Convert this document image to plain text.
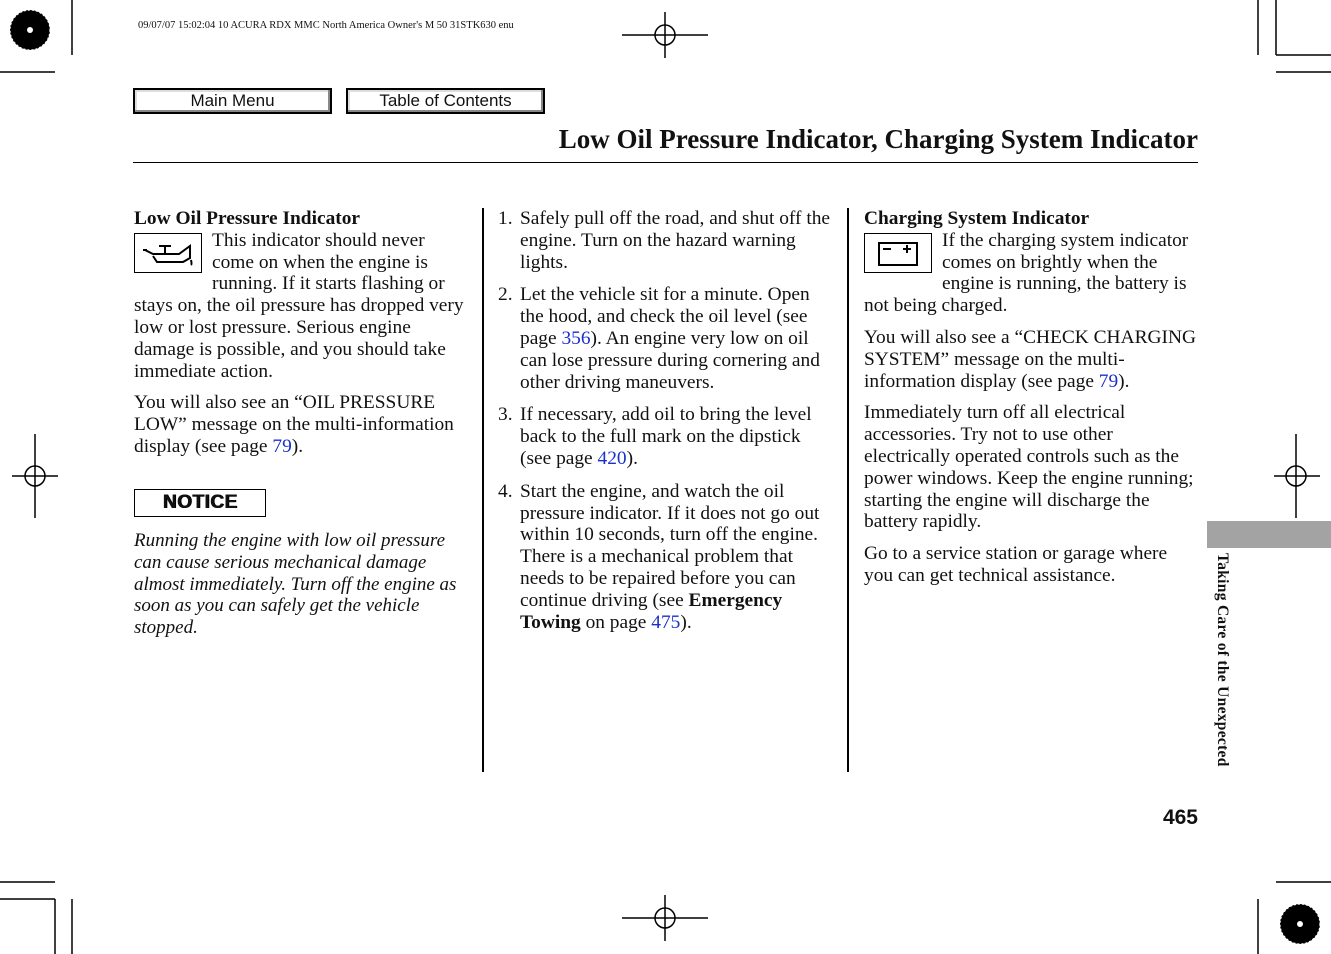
09/07/07 15:02:04 10 ACURA RDX MMC North America Owner's M 50 31STK630 enu
Main Menu	Table of Contents
Low Oil Pressure Indicator, Charging System Indicator

Low Oil Pressure Indicator

This indicator should never come on when the engine is running. If it starts flashing or stays on, the oil pressure has dropped very low or lost pressure. Serious engine damage is possible, and you should take immediate action.

You will also see an “OIL PRESSURE LOW” message on the multi-information display (see page 79).

NOTICE
Running the engine with low oil pressure can cause serious mechanical damage almost immediately. Turn off the engine as soon as you can safely get the vehicle stopped.
1. Safely pull off the road, and shut off the engine. Turn on the hazard warning lights.
2. Let the vehicle sit for a minute. Open the hood, and check the oil level (see page 356). An engine very low on oil can lose pressure during cornering and other driving maneuvers.
3. If necessary, add oil to bring the level back to the full mark on the dipstick (see page 420).
4. Start the engine, and watch the oil pressure indicator. If it does not go out within 10 seconds, turn off the engine. There is a mechanical problem that needs to be repaired before you can continue driving (see Emergency Towing on page 475).

Charging System Indicator

If the charging system indicator comes on brightly when the engine is running, the battery is not being charged.

You will also see a “CHECK CHARGING SYSTEM” message on the multi-information display (see page 79).

Immediately turn off all electrical accessories. Try not to use other electrically operated controls such as the power windows. Keep the engine running; starting the engine will discharge the battery rapidly.

Go to a service station or garage where you can get technical assistance.	Taking Care of the Unexpected
465
